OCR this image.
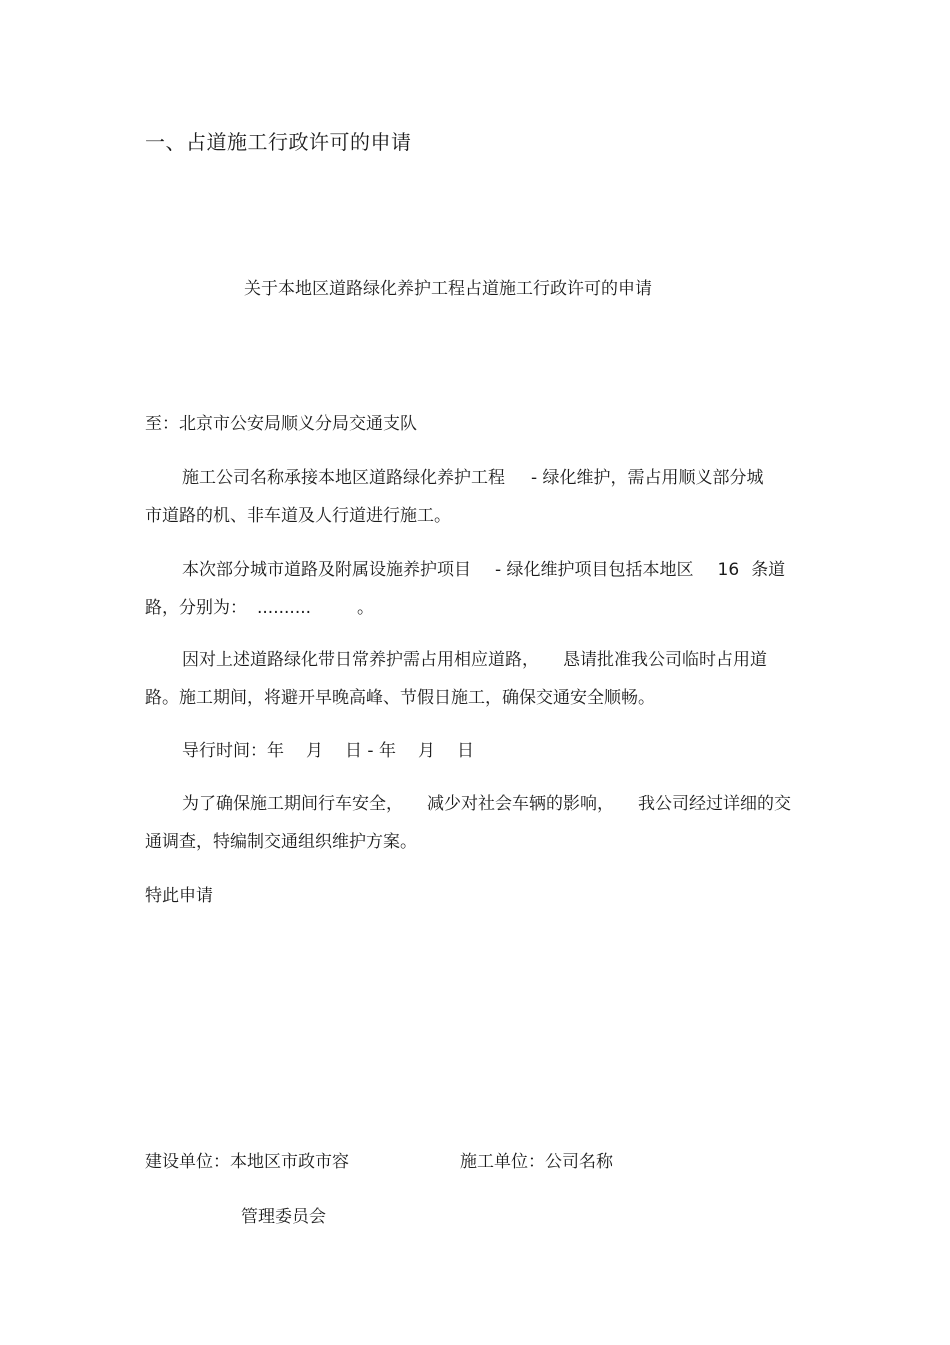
一、占道施工行政许可的申请
关于本地区道路绿化养护工程占道施工行政许可的申请
至：北京市公安局顺义分局交通支队
施工公司名称承接本地区道路绿化养护工程 - 绿化维护，需占用顺义部分城
市道路的机、非车道及人行道进行施工。
本次部分城市道路及附属设施养护项目 - 绿化维护项目包括本地区 16 条道
路，分别为： ..........	。
因对上述道路绿化带日常养护需占用相应道路， 恳请批准我公司临时占用道
路。施工期间，将避开早晚高峰、节假日施工，确保交通安全顺畅。
导行时间：年 月 日 - 年 月 日
为了确保施工期间行车安全， 减少对社会车辆的影响， 我公司经过详细的交
通调查，特编制交通组织维护方案。
特此申请
建设单位：本地区市政市容	施工单位：公司名称
管理委员会
